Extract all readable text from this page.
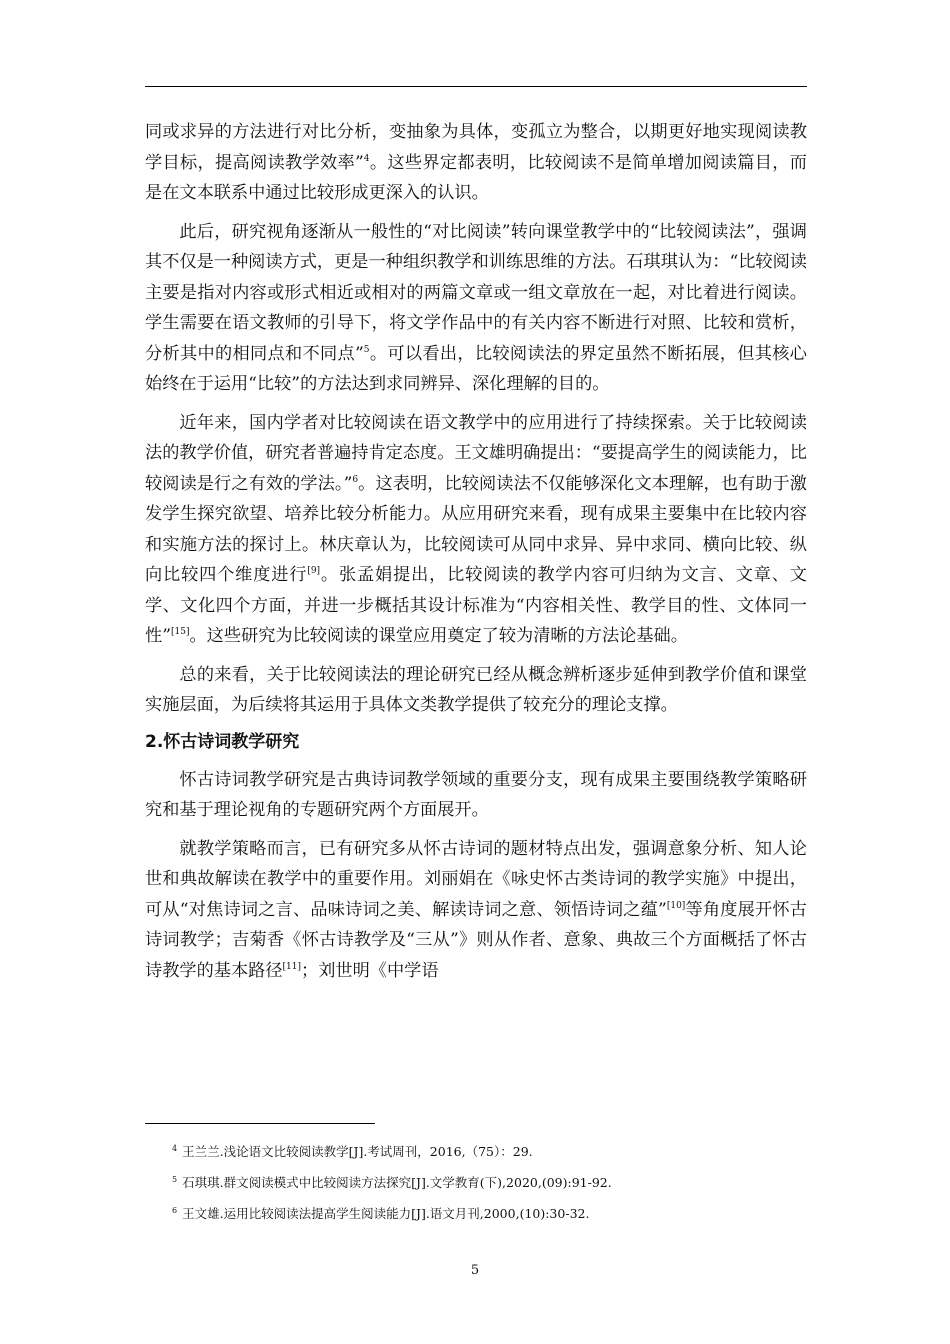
同或求异的方法进行对比分析，变抽象为具体，变孤立为整合，以期更好地实现阅读教学目标，提高阅读教学效率”$^4$。这些界定都表明，比较阅读不是简单增加阅读篇目，而是在文本联系中通过比较形成更深入的认识。

此后，研究视角逐渐从一般性的“对比阅读”转向课堂教学中的“比较阅读法”，强调其不仅是一种阅读方式，更是一种组织教学和训练思维的方法。石琪琪认为：“比较阅读主要是指对内容或形式相近或相对的两篇文章或一组文章放在一起，对比着进行阅读。学生需要在语文教师的引导下，将文学作品中的有关内容不断进行对照、比较和赏析，分析其中的相同点和不同点”$^5$。可以看出，比较阅读法的界定虽然不断拓展，但其核心始终在于运用“比较”的方法达到求同辨异、深化理解的目的。

近年来，国内学者对比较阅读在语文教学中的应用进行了持续探索。关于比较阅读法的教学价值，研究者普遍持肯定态度。王文雄明确提出：“要提高学生的阅读能力，比较阅读是行之有效的学法。”$^6$。这表明，比较阅读法不仅能够深化文本理解，也有助于激发学生探究欲望、培养比较分析能力。从应用研究来看，现有成果主要集中在比较内容和实施方法的探讨上。林庆章认为，比较阅读可从同中求异、异中求同、横向比较、纵向比较四个维度进行[9]。张孟娟提出，比较阅读的教学内容可归纳为文言、文章、文学、文化四个方面，并进一步概括其设计标准为“内容相关性、教学目的性、文体同一性”[15]。这些研究为比较阅读的课堂应用奠定了较为清晰的方法论基础。

总的来看，关于比较阅读法的理论研究已经从概念辨析逐步延伸到教学价值和课堂实施层面，为后续将其运用于具体文类教学提供了较充分的理论支撑。

2.怀古诗词教学研究

怀古诗词教学研究是古典诗词教学领域的重要分支，现有成果主要围绕教学策略研究和基于理论视角的专题研究两个方面展开。

就教学策略而言，已有研究多从怀古诗词的题材特点出发，强调意象分析、知人论世和典故解读在教学中的重要作用。刘丽娟在《咏史怀古类诗词的教学实施》中提出，可从“对焦诗词之言、品味诗词之美、解读诗词之意、领悟诗词之蕴”[10]等角度展开怀古诗词教学；吉菊香《怀古诗教学及“三从”》则从作者、意象、典故三个方面概括了怀古诗教学的基本路径[11]；刘世明《中学语

$^4$ 王兰兰.浅论语文比较阅读教学[J].考试周刊，2016,（75）：29.
$^5$ 石琪琪.群文阅读模式中比较阅读方法探究[J].文学教育(下),2020,(09):91-92.
$^6$ 王文雄.运用比较阅读法提高学生阅读能力[J].语文月刊,2000,(10):30-32.
5
